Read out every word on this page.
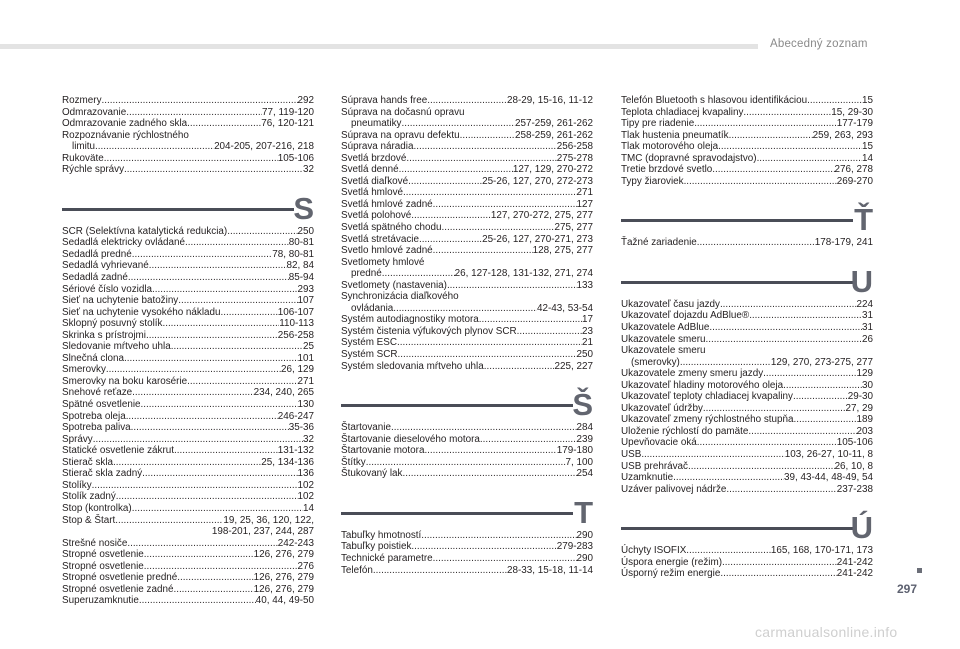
Abecedný zoznam
Rozmery .....	292
Odmrazovanie .....	77, 119-120
Odmrazovanie zadného skla .....	76, 120-121
Rozpoznávanie rýchlostného
limitu .....	204-205, 207-216, 218
Rukoväte .....	105-106
Rýchle správy .....	32
S
SCR (Selektívna katalytická redukcia) .....	250
Sedadlá elektricky ovládané .....	80-81
Sedadlá predné .....	78, 80-81
Sedadlá vyhrievané .....	82, 84
Sedadlá zadné .....	85-94
Sériové číslo vozidla .....	293
Sieť na uchytenie batožiny .....	107
Sieť na uchytenie vysokého nákladu .....	106-107
Sklopný posuvný stolík .....	110-113
Skrinka s prístrojmi .....	256-258
Sledovanie mŕtveho uhla .....	25
Slnečná clona .....	101
Smerovky .....	26, 129
Smerovky na boku karosérie .....	271
Snehové reťaze .....	234, 240, 265
Spätné osvetlenie .....	130
Spotreba oleja .....	246-247
Spotreba paliva .....	35-36
Správy .....	32
Statické osvetlenie zákrut .....	131-132
Stierač skla .....	25, 134-136
Stierač skla zadný .....	136
Stolíky .....	102
Stolík zadný .....	102
Stop (kontrolka) .....	14
Stop & Štart .....	19, 25, 36, 120, 122,
198-201, 237, 244, 287
Strešné nosiče .....	242-243
Stropné osvetlenie .....	126, 276, 279
Stropné osvetlenie .....	276
Stropné osvetlenie predné .....	126, 276, 279
Stropné osvetlenie zadné .....	126, 276, 279
Superuzamknutie .....	40, 44, 49-50
Súprava hands free .....	28-29, 15-16, 11-12
Súprava na dočasnú opravu
pneumatiky .....	257-259, 261-262
Súprava na opravu defektu .....	258-259, 261-262
Súprava náradia .....	256-258
Svetlá brzdové .....	275-278
Svetlá denné .....	127, 129, 270-272
Svetlá diaľkové .....	25-26, 127, 270, 272-273
Svetlá hmlové .....	271
Svetlá hmlové zadné .....	127
Svetlá polohové .....	127, 270-272, 275, 277
Svetlá spätného chodu .....	275, 277
Svetlá stretávacie .....	25-26, 127, 270-271, 273
Svetlo hmlové zadné .....	128, 275, 277
Svetlomety hmlové
predné .....	26, 127-128, 131-132, 271, 274
Svetlomety (nastavenia) .....	133
Synchronizácia diaľkového
ovládania .....	42-43, 53-54
Systém autodiagnostiky motora .....	17
Systém čistenia výfukových plynov SCR .....	23
Systém ESC .....	21
Systém SCR .....	250
Systém sledovania mŕtveho uhla .....	225, 227
Š
Štartovanie .....	284
Štartovanie dieselového motora .....	239
Štartovanie motora .....	179-180
Štítky .....	7, 100
Štukovaný lak .....	254
T
Tabuľky hmotností .....	290
Tabuľky poistiek .....	279-283
Technické parametre .....	290
Telefón .....	28-33, 15-18, 11-14
Telefón Bluetooth s hlasovou identifikáciou .....	15
Teplota chladiacej kvapaliny .....	15, 29-30
Tipy pre riadenie .....	177-179
Tlak hustenia pneumatík .....	259, 263, 293
Tlak motorového oleja .....	15
TMC (dopravné spravodajstvo) .....	14
Tretie brzdové svetlo .....	276, 278
Typy žiaroviek .....	269-270
Ť
Ťažné zariadenie .....	178-179, 241
U
Ukazovateľ času jazdy .....	224
Ukazovateľ dojazdu AdBlue® .....	31
Ukazovatele AdBlue .....	31
Ukazovatele smeru .....	26
Ukazovatele smeru
(smerovky) .....	129, 270, 273-275, 277
Ukazovatele zmeny smeru jazdy .....	129
Ukazovateľ hladiny motorového oleja .....	30
Ukazovateľ teploty chladiacej kvapaliny .....	29-30
Ukazovateľ údržby .....	27, 29
Ukazovateľ zmeny rýchlostného stupňa .....	189
Uloženie rýchlostí do pamäte .....	203
Upevňovacie oká .....	105-106
USB .....	103, 26-27, 10-11, 8
USB prehrávač .....	26, 10, 8
Uzamknutie .....	39, 43-44, 48-49, 54
Uzáver palivovej nádrže .....	237-238
Ú
Úchyty ISOFIX .....	165, 168, 170-171, 173
Úspora energie (režim) .....	241-242
Úsporný režim energie .....	241-242
297
carmanualsonline.info
